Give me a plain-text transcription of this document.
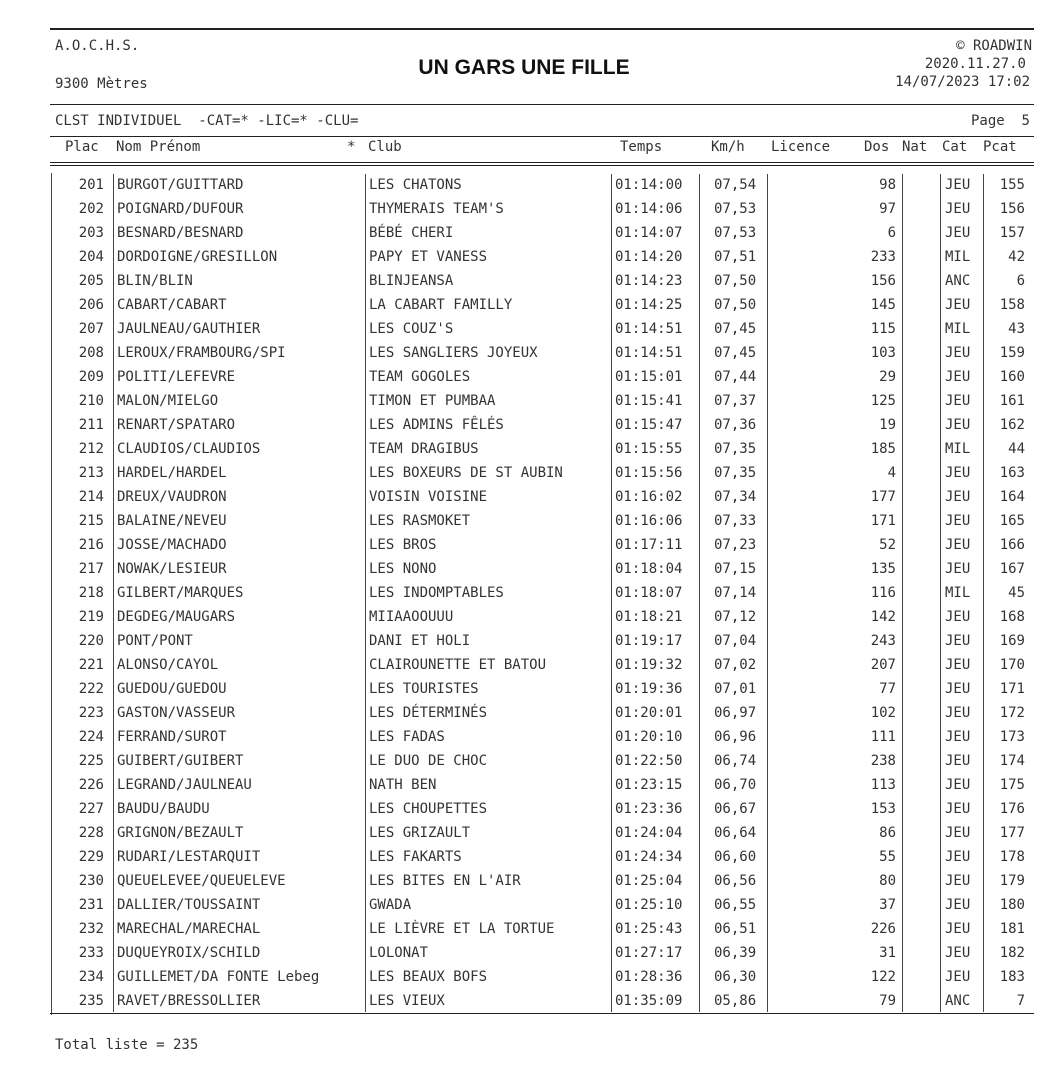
A.O.C.H.S.
9300 Mètres
UN GARS UNE FILLE
© ROADWIN
2020.11.27.0
14/07/2023 17:02
CLST INDIVIDUEL  -CAT=* -LIC=* -CLU=	Page  5
Plac Nom Prénom	* Club	Temps	Km/h Licence Dos Nat Cat Pcat
201 BURGOT/GUITTARD	LES CHATONS	01:14:00 07,54	98	JEU 155
202 POIGNARD/DUFOUR	THYMERAIS TEAM'S	01:14:06 07,53	97	JEU 156
203 BESNARD/BESNARD	BÉBÉ CHERI	01:14:07 07,53	6	JEU 157
204 DORDOIGNE/GRESILLON	PAPY ET VANESS	01:14:20 07,51	233	MIL	42
205 BLIN/BLIN	BLINJEANSA	01:14:23 07,50	156	ANC	6
206 CABART/CABART	LA CABART FAMILLY	01:14:25 07,50	145	JEU 158
207 JAULNEAU/GAUTHIER	LES COUZ'S	01:14:51 07,45	115	MIL	43
208 LEROUX/FRAMBOURG/SPI	LES SANGLIERS JOYEUX	01:14:51 07,45	103	JEU 159
209 POLITI/LEFEVRE	TEAM GOGOLES	01:15:01 07,44	29	JEU 160
210 MALON/MIELGO	TIMON ET PUMBAA	01:15:41 07,37	125	JEU 161
211 RENART/SPATARO	LES ADMINS FÊLÉS	01:15:47 07,36	19	JEU 162
212 CLAUDIOS/CLAUDIOS	TEAM DRAGIBUS	01:15:55 07,35	185	MIL	44
213 HARDEL/HARDEL	LES BOXEURS DE ST AUBIN	01:15:56 07,35	4	JEU 163
214 DREUX/VAUDRON	VOISIN VOISINE	01:16:02 07,34	177	JEU 164
215 BALAINE/NEVEU	LES RASMOKET	01:16:06 07,33	171	JEU 165
216 JOSSE/MACHADO	LES BROS	01:17:11 07,23	52	JEU 166
217 NOWAK/LESIEUR	LES NONO	01:18:04 07,15	135	JEU 167
218 GILBERT/MARQUES	LES INDOMPTABLES	01:18:07 07,14	116	MIL	45
219 DEGDEG/MAUGARS	MIIAAOOUUU	01:18:21 07,12	142	JEU 168
220 PONT/PONT	DANI ET HOLI	01:19:17 07,04	243	JEU 169
221 ALONSO/CAYOL	CLAIROUNETTE ET BATOU	01:19:32 07,02	207	JEU 170
222 GUEDOU/GUEDOU	LES TOURISTES	01:19:36 07,01	77	JEU 171
223 GASTON/VASSEUR	LES DÉTERMINÉS	01:20:01 06,97	102	JEU 172
224 FERRAND/SUROT	LES FADAS	01:20:10 06,96	111	JEU 173
225 GUIBERT/GUIBERT	LE DUO DE CHOC	01:22:50 06,74	238	JEU 174
226 LEGRAND/JAULNEAU	NATH BEN	01:23:15 06,70	113	JEU 175
227 BAUDU/BAUDU	LES CHOUPETTES	01:23:36 06,67	153	JEU 176
228 GRIGNON/BEZAULT	LES GRIZAULT	01:24:04 06,64	86	JEU 177
229 RUDARI/LESTARQUIT	LES FAKARTS	01:24:34 06,60	55	JEU 178
230 QUEUELEVEE/QUEUELEVE	LES BITES EN L'AIR	01:25:04 06,56	80	JEU 179
231 DALLIER/TOUSSAINT	GWADA	01:25:10 06,55	37	JEU 180
232 MARECHAL/MARECHAL	LE LIÈVRE ET LA TORTUE	01:25:43 06,51	226	JEU 181
233 DUQUEYROIX/SCHILD	LOLONAT	01:27:17 06,39	31	JEU 182
234 GUILLEMET/DA FONTE Lebeg	LES BEAUX BOFS	01:28:36 06,30	122	JEU 183
235 RAVET/BRESSOLLIER	LES VIEUX	01:35:09 05,86	79	ANC	7
Total liste = 235
